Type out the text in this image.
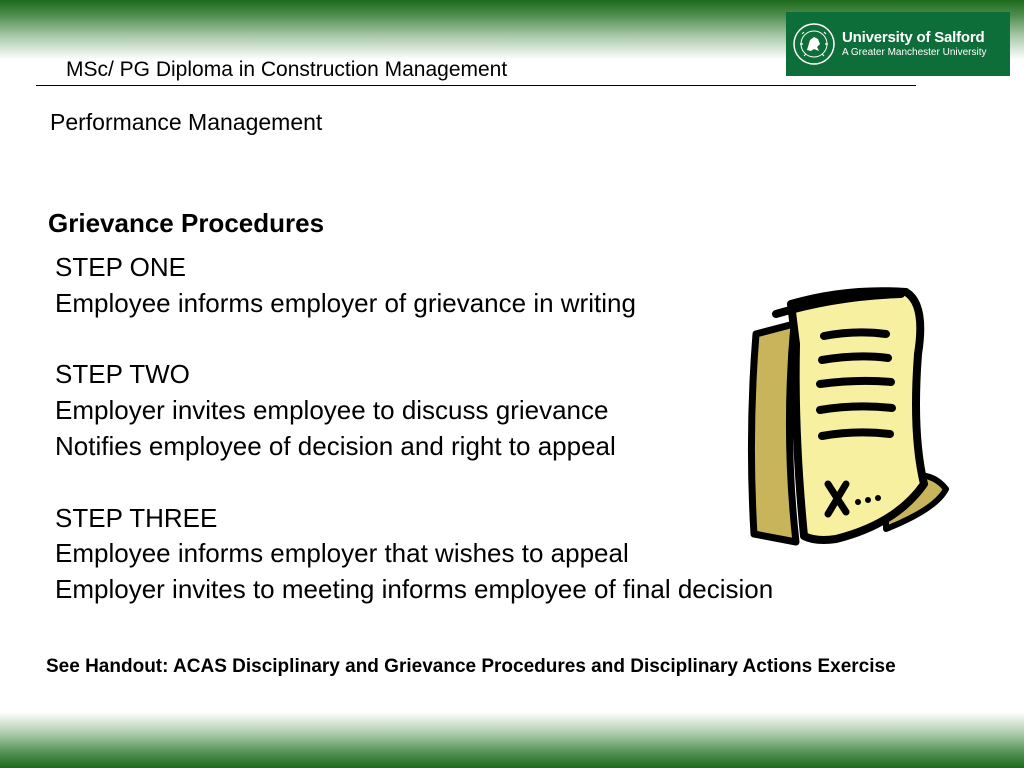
University of Salford
A Greater Manchester University
MSc/ PG Diploma in Construction Management
Performance Management
Grievance Procedures

STEP ONE

Employee informs employer of grievance in writing

STEP TWO

Employer invites employee to discuss grievance

Notifies employee of decision and right to appeal

STEP THREE

Employee informs employer that wishes to appeal

Employer invites to meeting informs employee of final decision

See Handout: ACAS Disciplinary and Grievance Procedures and Disciplinary Actions Exercise
